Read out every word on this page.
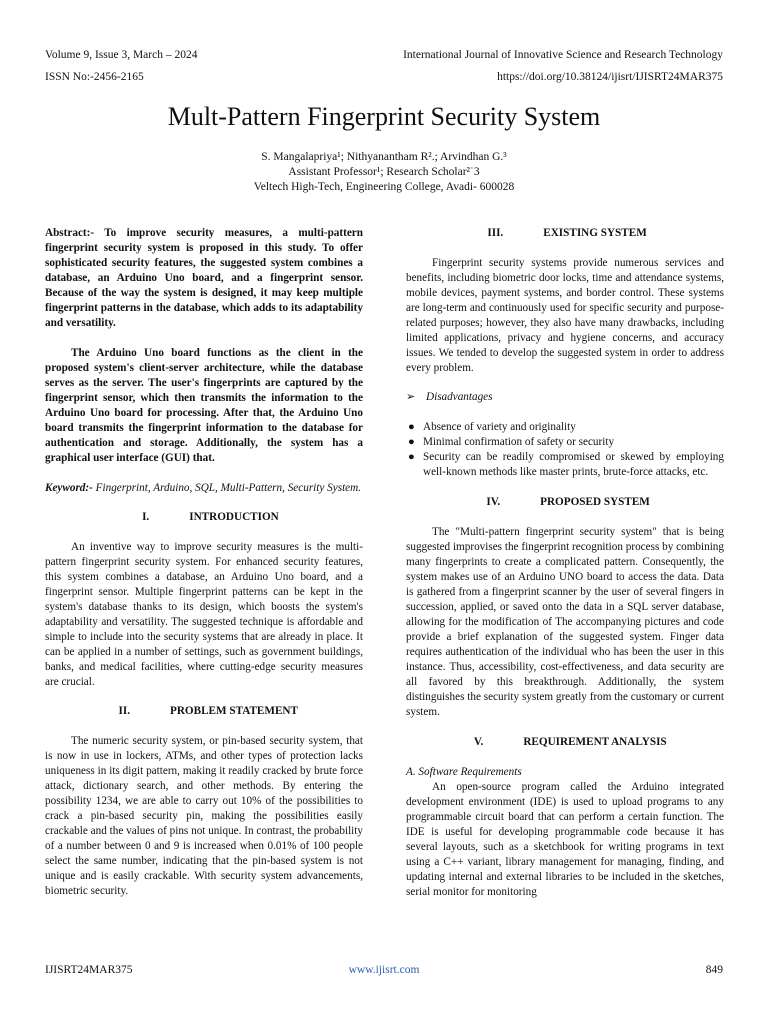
Volume 9, Issue 3, March – 2024
ISSN No:-2456-2165
International Journal of Innovative Science and Research Technology
https://doi.org/10.38124/ijisrt/IJISRT24MAR375
Mult-Pattern Fingerprint Security System
S. Mangalapriya¹; Nithyanantham R².; Arvindhan G.³
Assistant Professor¹; Research Scholar²˙3
Veltech High-Tech, Engineering College, Avadi- 600028

Abstract:- To improve security measures, a multi-pattern fingerprint security system is proposed in this study. To offer sophisticated security features, the suggested system combines a database, an Arduino Uno board, and a fingerprint sensor. Because of the way the system is designed, it may keep multiple fingerprint patterns in the database, which adds to its adaptability and versatility.

The Arduino Uno board functions as the client in the proposed system's client-server architecture, while the database serves as the server. The user's fingerprints are captured by the fingerprint sensor, which then transmits the information to the Arduino Uno board for processing. After that, the Arduino Uno board transmits the fingerprint information to the database for authentication and storage. Additionally, the system has a graphical user interface (GUI) that.

Keyword:- Fingerprint, Arduino, SQL, Multi-Pattern, Security System.

I.	INTRODUCTION

An inventive way to improve security measures is the multi-pattern fingerprint security system. For enhanced security features, this system combines a database, an Arduino Uno board, and a fingerprint sensor. Multiple fingerprint patterns can be kept in the system's database thanks to its design, which boosts the system's adaptability and versatility. The suggested technique is affordable and simple to include into the security systems that are already in place. It can be applied in a number of settings, such as government buildings, banks, and medical facilities, where cutting-edge security measures are crucial.

II.	PROBLEM STATEMENT

The numeric security system, or pin-based security system, that is now in use in lockers, ATMs, and other types of protection lacks uniqueness in its digit pattern, making it readily cracked by brute force attack, dictionary search, and other methods. By entering the possibility 1234, we are able to carry out 10% of the possibilities to crack a pin-based security pin, making the possibilities easily crackable and the values of pins not unique. In contrast, the probability of a number between 0 and 9 is increased when 0.01% of 100 people select the same number, indicating that the pin-based system is not unique and is easily crackable. With security system advancements, biometric security.

III.	EXISTING SYSTEM

Fingerprint security systems provide numerous services and benefits, including biometric door locks, time and attendance systems, mobile devices, payment systems, and border control. These systems are long-term and continuously used for specific security and purpose-related purposes; however, they also have many drawbacks, including limited applications, privacy and hygiene concerns, and accuracy issues. We tended to develop the suggested system in order to address every problem.

➢ Disadvantages
● Absence of variety and originality
● Minimal confirmation of safety or security
● Security can be readily compromised or skewed by employing well-known methods like master prints, brute-force attacks, etc.
IV.	PROPOSED SYSTEM

The "Multi-pattern fingerprint security system" that is being suggested improvises the fingerprint recognition process by combining many fingerprints to create a complicated pattern. Consequently, the system makes use of an Arduino UNO board to access the data. Data is gathered from a fingerprint scanner by the user of several fingers in succession, applied, or saved onto the data in a SQL server database, allowing for the modification of The accompanying pictures and code provide a brief explanation of the suggested system. Finger data requires authentication of the individual who has been the user in this instance. Thus, accessibility, cost-effectiveness, and data security are all favored by this breakthrough. Additionally, the system distinguishes the security system greatly from the customary or current system.

V.	REQUIREMENT ANALYSIS
A. Software Requirements

An open-source program called the Arduino integrated development environment (IDE) is used to upload programs to any programmable circuit board that can perform a certain function. The IDE is useful for developing programmable code because it has several layouts, such as a sketchbook for writing programs in text using a C++ variant, library management for managing, finding, and updating internal and external libraries to be included in the sketches, serial monitor for monitoring

IJISRT24MAR375	www.ijisrt.com	849
